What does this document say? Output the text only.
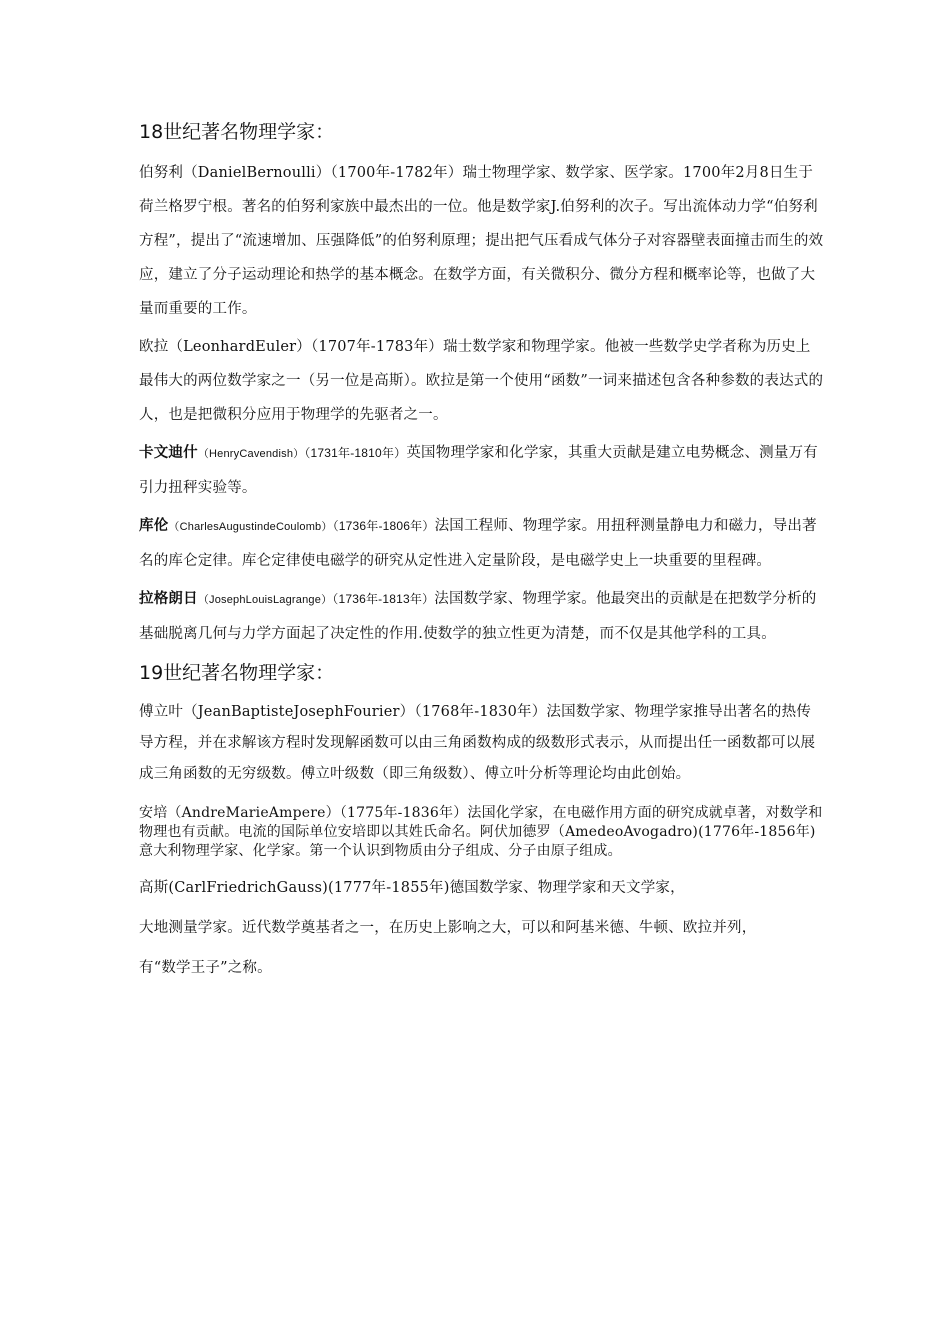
18世纪著名物理学家：

伯努利（DanielBernoulli）（1700年-1782年）瑞士物理学家、数学家、医学家。1700年2月8日生于荷兰格罗宁根。著名的伯努利家族中最杰出的一位。他是数学家J.伯努利的次子。写出流体动力学“伯努利方程”，提出了“流速增加、压强降低”的伯努利原理；提出把气压看成气体分子对容器壁表面撞击而生的效应，建立了分子运动理论和热学的基本概念。在数学方面，有关微积分、微分方程和概率论等，也做了大量而重要的工作。

欧拉（LeonhardEuler）（1707年-1783年）瑞士数学家和物理学家。他被一些数学史学者称为历史上最伟大的两位数学家之一（另一位是高斯）。欧拉是第一个使用“函数”一词来描述包含各种参数的表达式的人，也是把微积分应用于物理学的先驱者之一。

卡文迪什（HenryCavendish）（1731年-1810年）英国物理学家和化学家，其重大贡献是建立电势概念、测量万有引力扭秤实验等。

库伦（CharlesAugustindeCoulomb）（1736年-1806年）法国工程师、物理学家。用扭秤测量静电力和磁力，导出著名的库仑定律。库仑定律使电磁学的研究从定性进入定量阶段，是电磁学史上一块重要的里程碑。

拉格朗日（JosephLouisLagrange）（1736年-1813年）法国数学家、物理学家。他最突出的贡献是在把数学分析的基础脱离几何与力学方面起了决定性的作用.使数学的独立性更为清楚，而不仅是其他学科的工具。

19世纪著名物理学家：

傅立叶（JeanBaptisteJosephFourier）（1768年-1830年）法国数学家、物理学家推导出著名的热传导方程，并在求解该方程时发现解函数可以由三角函数构成的级数形式表示，从而提出任一函数都可以展成三角函数的无穷级数。傅立叶级数（即三角级数）、傅立叶分析等理论均由此创始。

安培（AndreMarieAmpere）（1775年-1836年）法国化学家，在电磁作用方面的研究成就卓著，对数学和物理也有贡献。电流的国际单位安培即以其姓氏命名。阿伏加德罗（AmedeoAvogadro)(1776年-1856年)意大利物理学家、化学家。第一个认识到物质由分子组成、分子由原子组成。

高斯(CarlFriedrichGauss)(1777年-1855年)德国数学家、物理学家和天文学家，

大地测量学家。近代数学奠基者之一，在历史上影响之大，可以和阿基米德、牛顿、欧拉并列，

有“数学王子”之称。
